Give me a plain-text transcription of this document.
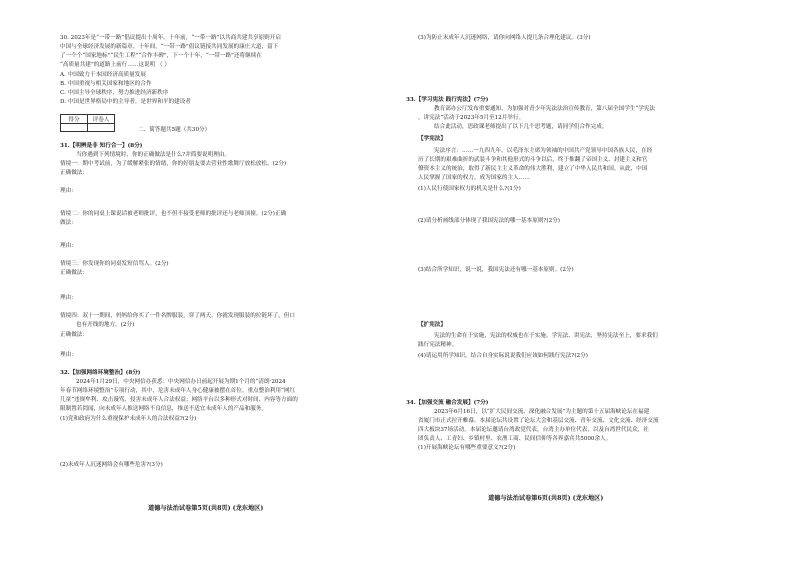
30. 2023年是“一带一路”倡议提出十周年。十年前，“一带一路”以共商共建共享原则开启
中国与全球经济发展的新篇章。十年间，“一带一路”倡议链接共同发展的康庄大道，留下
了一个个“国家地标”“民生工程”“合作丰碑”，下一个十年，“一带一路”还将继续在
“高质量共建”的道路上前行……这说明 （ ）
A. 中国致力于本国经济高质量发展
B. 中国重视与相关国家和地区的合作
C. 中国主导全球秩序，努力推进经济新秩序
D. 中国是世界格局中的主导者，是世界和平的建设者
得分	评卷人

二、简答题共5题（共30分）
31.【明辨是非 知行合一】(8分)
当你遇到下列情境时，你的正确做法是什么?并简要说明理由。
情境一：期中考试前，为了缓解紧张的情绪，你的好朋友要去营业性歌舞厅放松放松。(2分)
正确做法：
理由：
情境二：你的同桌上课说话被老师批评，也不但不接受老师的批评还与老师顶撞。(2分)正确
做法：
理由：
情境三：你发现你的同桌发短信骂人。(2分)
正确做法：
理由：
情境四：双十一期间，妈妈给你买了一件名牌服装，穿了两天，你就发现服装的拉链坏了，但口
也有开线的地方。(2分)
正确做法：
理由：
32.【加强网络环境整治】(8分)
2024年1月29日，中央网信办获悉：中央网信办日前起开展为期1个月的“清朗·2024
年春节网络环境整治”专项行动，其中，危害未成年人身心健康被摆在首位。重点整治利用“网红
儿童”违规牟利、攻击谩骂，侵害未成年人合法权益；网络平台以多种形式对时间、内容等方面的
限制置若罔闻，向未成年人推送网络不良信息，推送不适宜未成年人的产品和服务。
(1)党和政府为什么重视保护未成年人的合法权益?(2分)
(2)未成年人沉迷网络会有哪些危害?(3分)
道德与法治试卷第5页(共8页) (龙东地区)
(3)为防止未成年人沉迷网络，请你向网络人提几条合理化建议。(3分)
33.【学习宪法 践行宪法】(7分)
教育部办公厅发布重要通知，为加强对青少年宪法法治宣传教育，第八届全国学生“学宪法
，讲宪法”活动于2023年5月至12月举行。
结合此活动，思政课老师提出了以下几个思考题，请同学们合作完成。
【学宪法】
宪法序言：……一九四九年，以毛泽东主席为领袖的中国共产党领导中国各族人民，在经
历了长期的艰难曲折的武装斗争和其他形式的斗争以后，终于推翻了帝国主义、封建主义和官
僚资本主义的统治，取得了新民主主义革命的伟大胜利，建立了中华人民共和国。从此，中国
人民掌握了国家的权力，成为国家的主人……
(1)人民行使国家权力的机关是什么?(1分)
(2)请分析画线部分体现了我国宪法的哪一基本原则?(2分)
(3)结合所学知识，说一说，我国宪法还有哪一基本原则。(2分)
【扩宪法】
宪法的生命在于实施，宪法的权威也在于实施。学宪法、讲宪法，坚持宪法至上，要求我们
践行宪法精神。
(4)请运用所学知识，结合自身实际说说我们应该如何践行宪法?(2分)
34.【加强交流 融合发展】(7分)
2023年6月16日，以“扩大民间交流、深化融合发展”为主题的第十五届海峡论坛在福建
省厦门市正式拉开帷幕。本届论坛共设置了论坛大会和基层交流、青年交流、文化交流、经济交流
四大板块37场活动。本届论坛邀请台湾政党代表，台湾主办单位代表，以及台湾世代民众，社
团负责人、工青妇、乡镇村里、农渔工商、民间信仰等各界嘉宾共5000余人。
(1)开展海峡论坛有哪些重要意义?(2分)
道德与法治试卷第6页(共8页) (龙东地区)
